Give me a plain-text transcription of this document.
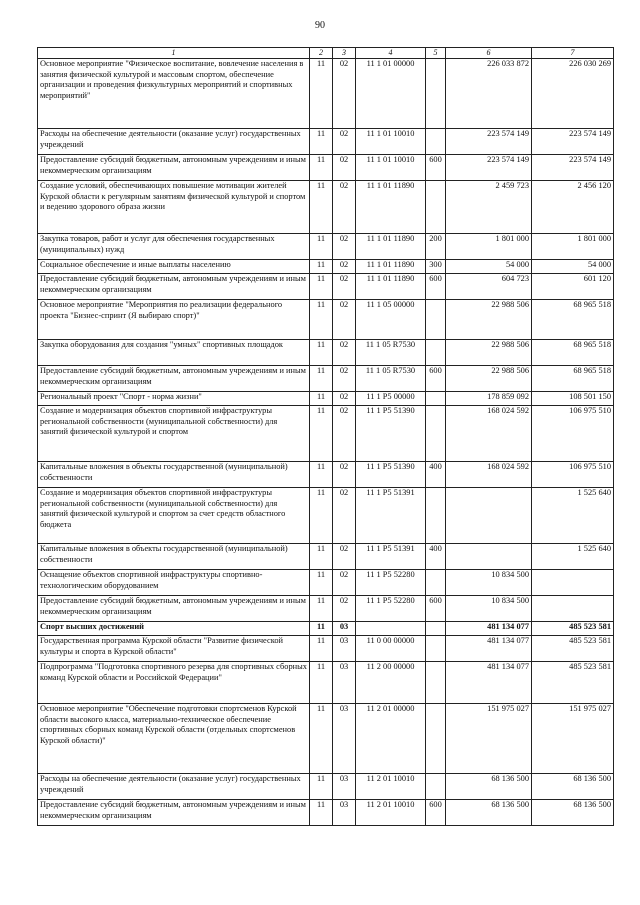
90
1	2	3	4	5	6	7
Основное мероприятие "Физическое воспитание, вовлечение населения в занятия физической культурой и массовым спортом, обеспечение организации и проведения физкультурных мероприятий и спортивных мероприятий"	11	02	11 1 01 00000		226 033 872	226 030 269
Расходы на обеспечение деятельности (оказание услуг) государственных учреждений	11	02	11 1 01 10010		223 574 149	223 574 149
Предоставление субсидий бюджетным, автономным учреждениям и иным некоммерческим организациям	11	02	11 1 01 10010	600	223 574 149	223 574 149
Создание условий, обеспечивающих повышение мотивации жителей Курской области к регулярным занятиям физической культурой и спортом и ведению здорового образа жизни	11	02	11 1 01 11890		2 459 723	2 456 120
Закупка товаров, работ и услуг для обеспечения государственных (муниципальных) нужд	11	02	11 1 01 11890	200	1 801 000	1 801 000
Социальное обеспечение и иные выплаты населению	11	02	11 1 01 11890	300	54 000	54 000
Предоставление субсидий бюджетным, автономным учреждениям и иным некоммерческим организациям	11	02	11 1 01 11890	600	604 723	601 120
Основное мероприятие "Мероприятия по реализации федерального проекта "Бизнес-спринт (Я выбираю спорт)"	11	02	11 1 05 00000		22 988 506	68 965 518
Закупка оборудования для создания "умных" спортивных площадок	11	02	11 1 05 R7530		22 988 506	68 965 518
Предоставление субсидий бюджетным, автономным учреждениям и иным некоммерческим организациям	11	02	11 1 05 R7530	600	22 988 506	68 965 518
Региональный проект "Спорт - норма жизни"	11	02	11 1 P5 00000		178 859 092	108 501 150
Создание и модернизация объектов спортивной инфраструктуры региональной собственности (муниципальной собственности) для занятий физической культурой и спортом	11	02	11 1 P5 51390		168 024 592	106 975 510
Капитальные вложения в объекты государственной (муниципальной) собственности	11	02	11 1 P5 51390	400	168 024 592	106 975 510
Создание и модернизация объектов спортивной инфраструктуры региональной собственности (муниципальной собственности) для занятий физической культурой и спортом за счет средств областного бюджета	11	02	11 1 P5 51391			1 525 640
Капитальные вложения в объекты государственной (муниципальной) собственности	11	02	11 1 P5 51391	400		1 525 640
Оснащение объектов спортивной инфраструктуры спортивно-технологическим оборудованием	11	02	11 1 P5 52280		10 834 500	
Предоставление субсидий бюджетным, автономным учреждениям и иным некоммерческим организациям	11	02	11 1 P5 52280	600	10 834 500	
Спорт высших достижений	11	03			481 134 077	485 523 581
Государственная программа Курской области "Развитие физической культуры и спорта в Курской области"	11	03	11 0 00 00000		481 134 077	485 523 581
Подпрограмма "Подготовка спортивного резерва для спортивных сборных команд Курской области и Российской Федерации"	11	03	11 2 00 00000		481 134 077	485 523 581
Основное мероприятие "Обеспечение подготовки спортсменов Курской области высокого класса, материально-техническое обеспечение спортивных сборных команд Курской области (отдельных спортсменов Курской области)"	11	03	11 2 01 00000		151 975 027	151 975 027
Расходы на обеспечение деятельности (оказание услуг) государственных учреждений	11	03	11 2 01 10010		68 136 500	68 136 500
Предоставление субсидий бюджетным, автономным учреждениям и иным некоммерческим организациям	11	03	11 2 01 10010	600	68 136 500	68 136 500
